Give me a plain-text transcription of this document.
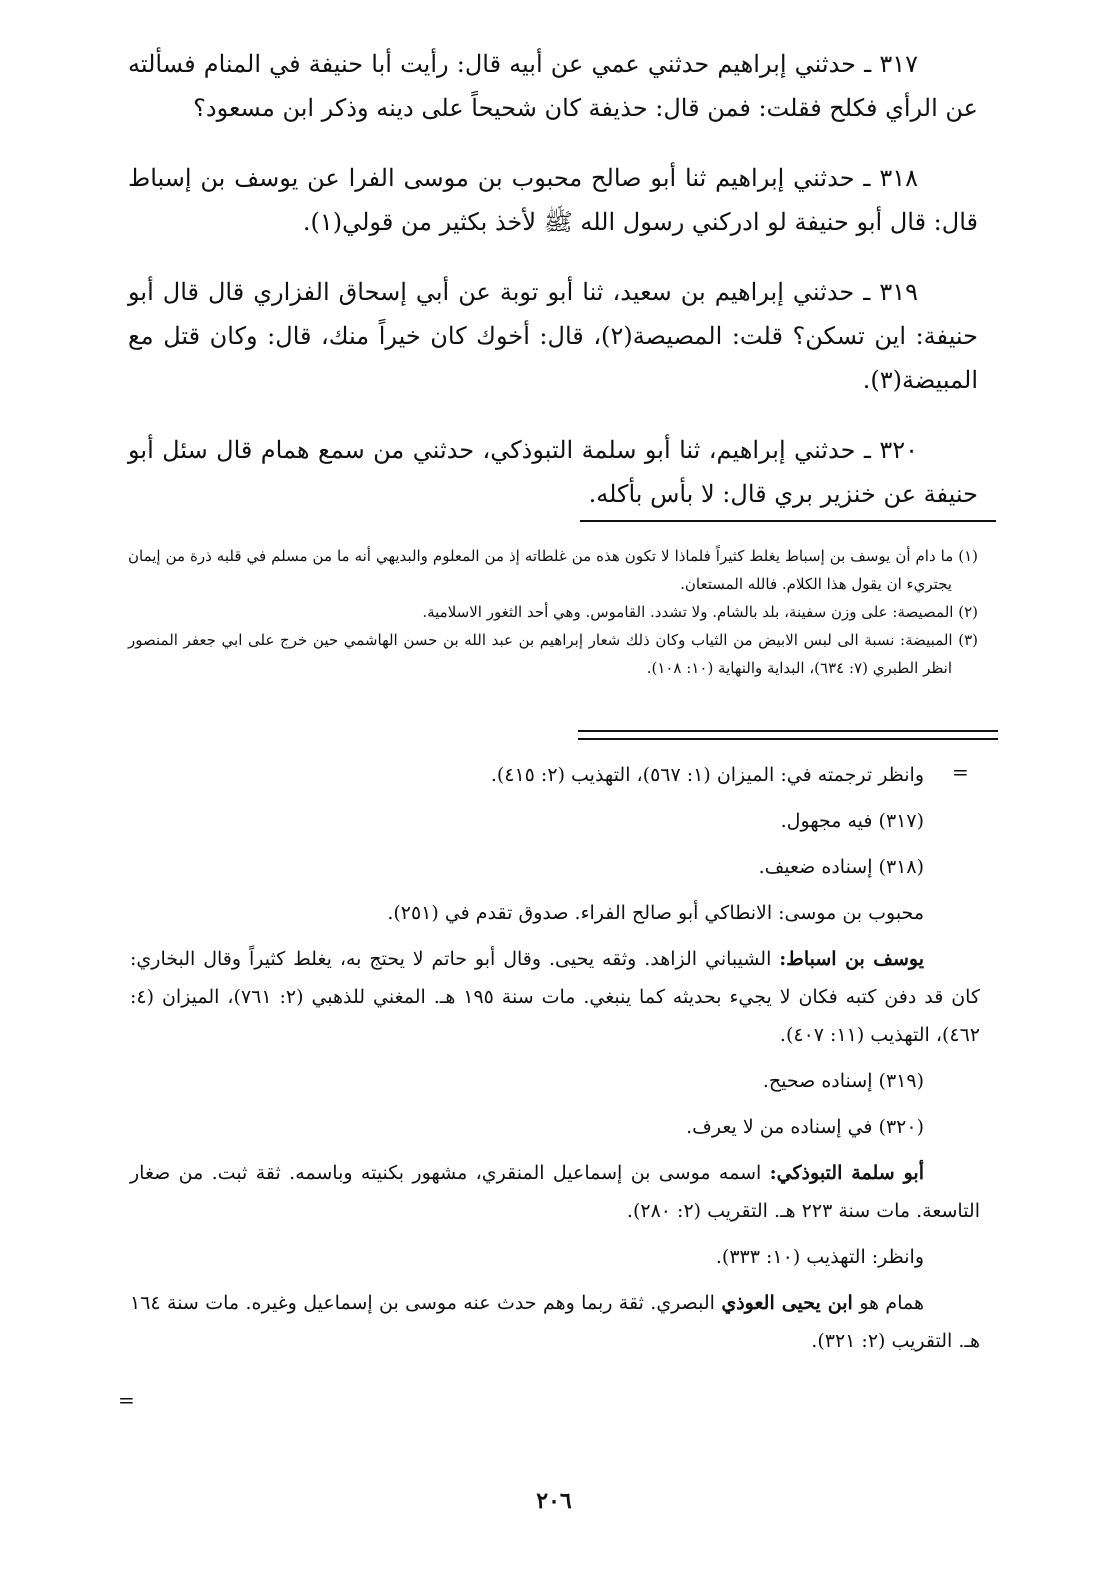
٣١٧ ـ حدثني إبراهيم حدثني عمي عن أبيه قال: رأيت أبا حنيفة في المنام فسألته عن الرأي فكلح فقلت: فمن قال: حذيفة كان شحيحاً على دينه وذكر ابن مسعود؟

٣١٨ ـ حدثني إبراهيم ثنا أبو صالح محبوب بن موسى الفرا عن يوسف بن إسباط قال: قال أبو حنيفة لو ادركني رسول الله ﷺ لأخذ بكثير من قولي(١).

٣١٩ ـ حدثني إبراهيم بن سعيد، ثنا أبو توبة عن أبي إسحاق الفزاري قال قال أبو حنيفة: اين تسكن؟ قلت: المصيصة(٢)، قال: أخوك كان خيراً منك، قال: وكان قتل مع المبيضة(٣).

٣٢٠ ـ حدثني إبراهيم، ثنا أبو سلمة التبوذكي، حدثني من سمع همام قال سئل أبو حنيفة عن خنزير بري قال: لا بأس بأكله.

(١) ما دام أن يوسف بن إسباط يغلط كثيراً فلماذا لا تكون هذه من غلطاته إذ من المعلوم والبديهي أنه ما من مسلم في قلبه ذرة من إيمان يجتريء ان يقول هذا الكلام. فالله المستعان.

(٢) المصيصة: على وزن سفينة، بلد بالشام. ولا تشدد. القاموس. وهي أحد الثغور الاسلامية.

(٣) المبيضة: نسبة الى لبس الابيض من الثياب وكان ذلك شعار إبراهيم بن عبد الله بن حسن الهاشمي حين خرج على ابي جعفر المنصور انظر الطبري (٧: ٦٣٤)، البداية والنهاية (١٠: ١٠٨).

=

وانظر ترجمته في: الميزان (١: ٥٦٧)، التهذيب (٢: ٤١٥).

(٣١٧) فيه مجهول.

(٣١٨) إسناده ضعيف.

محبوب بن موسى: الانطاكي أبو صالح الفراء. صدوق تقدم في (٢٥١).

يوسف بن اسباط: الشيباني الزاهد. وثقه يحيى. وقال أبو حاتم لا يحتج به، يغلط كثيراً وقال البخاري: كان قد دفن كتبه فكان لا يجيء بحديثه كما ينبغي. مات سنة ١٩٥ هـ. المغني للذهبي (٢: ٧٦١)، الميزان (٤: ٤٦٢)، التهذيب (١١: ٤٠٧).

(٣١٩) إسناده صحيح.

(٣٢٠) في إسناده من لا يعرف.

أبو سلمة التبوذكي: اسمه موسى بن إسماعيل المنقري، مشهور بكنيته وباسمه. ثقة ثبت. من صغار التاسعة. مات سنة ٢٢٣ هـ. التقريب (٢: ٢٨٠).

وانظر: التهذيب (١٠: ٣٣٣).

همام هو ابن يحيى العوذي البصري. ثقة ربما وهم حدث عنه موسى بن إسماعيل وغيره. مات سنة ١٦٤ هـ. التقريب (٢: ٣٢١).

=
٢٠٦
